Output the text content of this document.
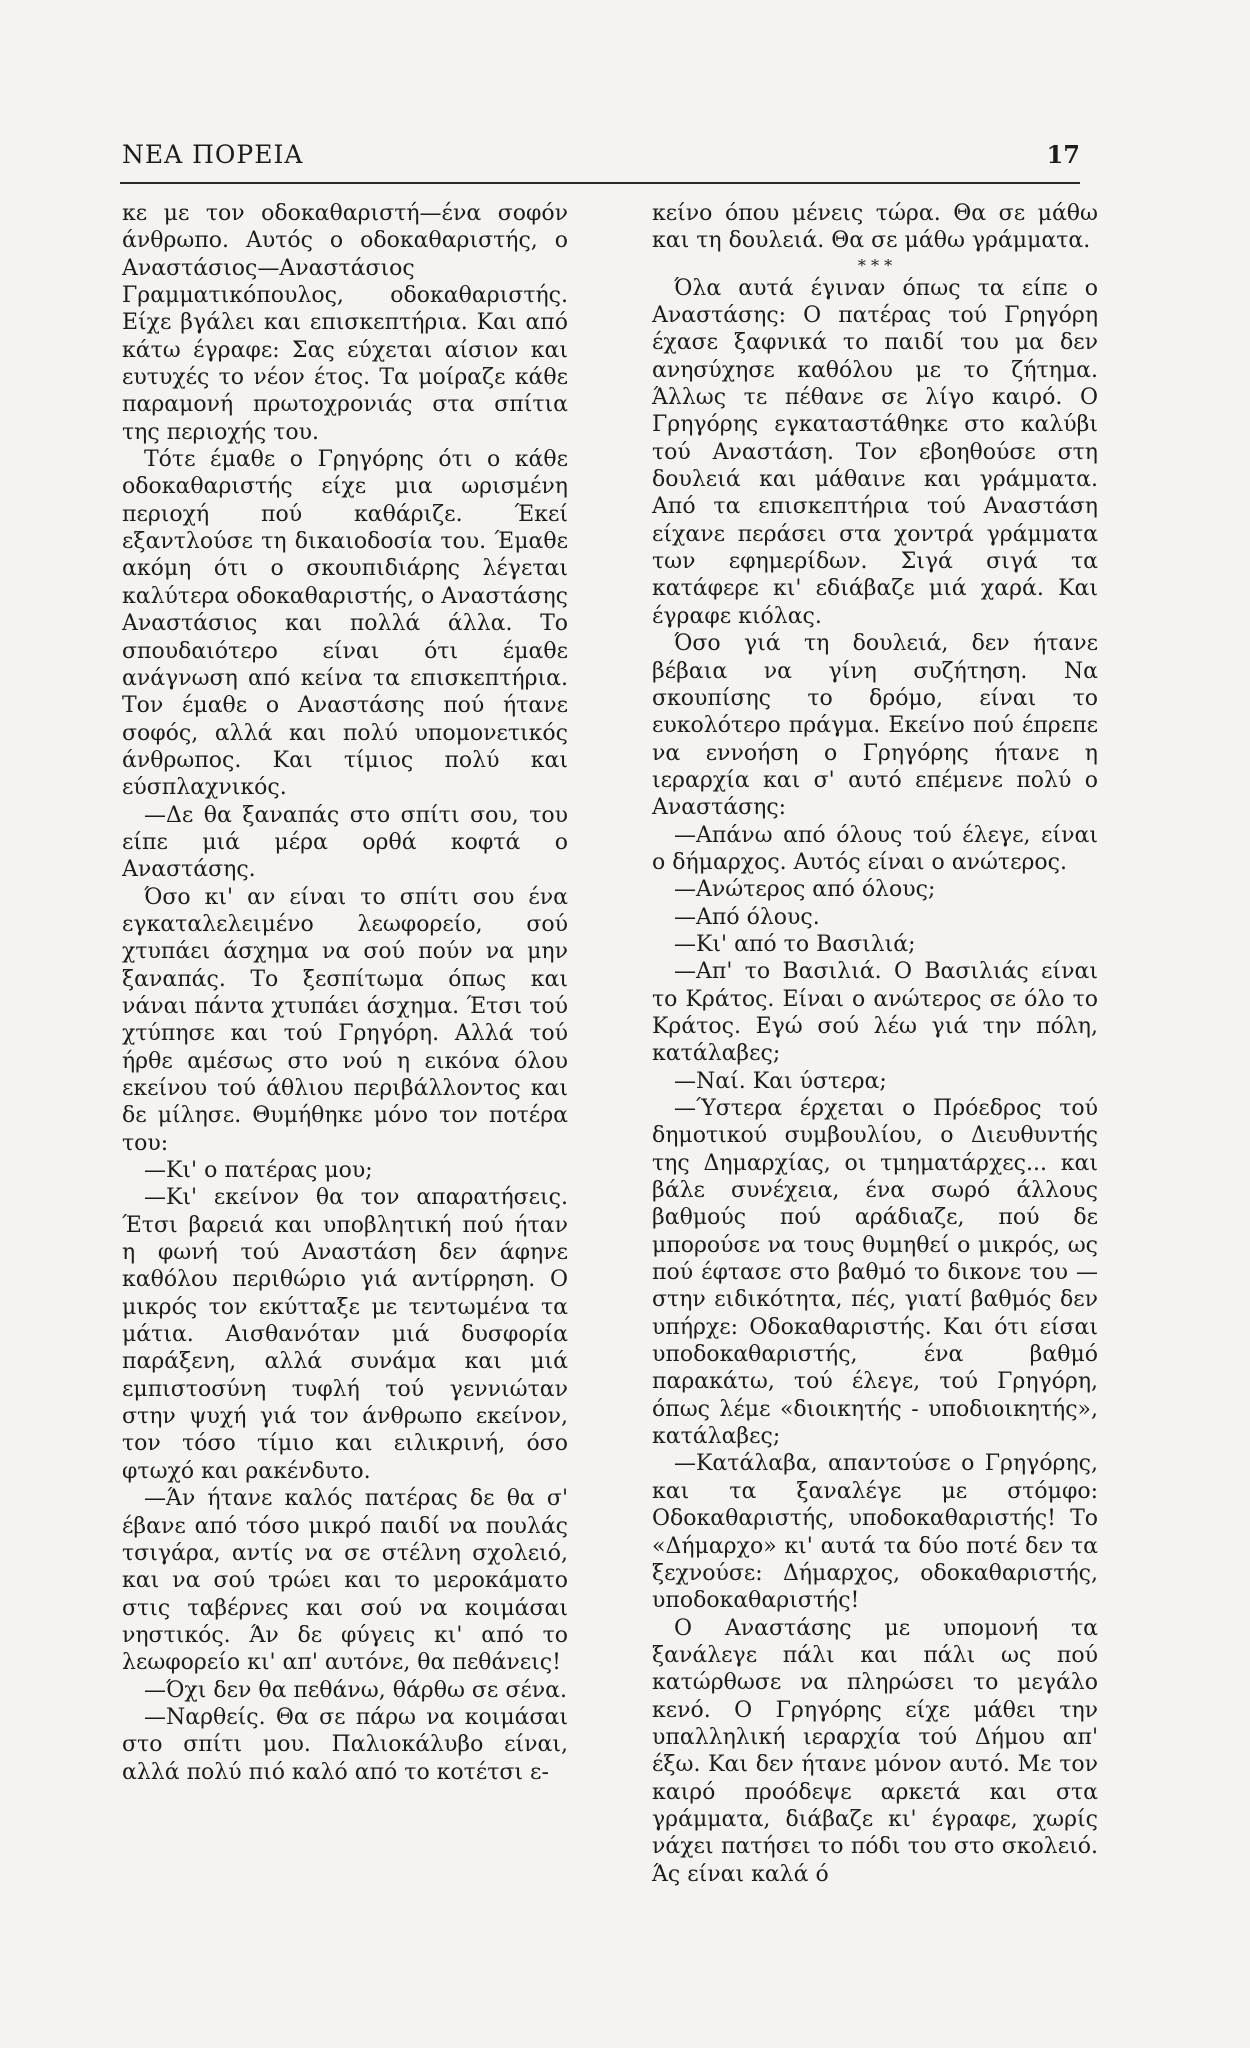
ΝΕΑ ΠΟΡΕΙΑ	17

κε με τον οδοκαθαριστή—ένα σοφόν άνθρωπο. Αυτός ο οδοκαθαριστής, ο Αναστάσιος—Αναστάσιος Γραμματικόπουλος, οδοκαθαριστής. Είχε βγάλει και επισκεπτήρια. Και από κάτω έγραφε: Σας εύχεται αίσιον και ευτυχές το νέον έτος. Τα μοίραζε κάθε παραμονή πρωτοχρονιάς στα σπίτια της περιοχής του.

Τότε έμαθε ο Γρηγόρης ότι ο κάθε οδοκαθαριστής είχε μια ωρισμένη περιοχή πού καθάριζε. Έκεί εξαντλούσε τη δικαιοδοσία του. Έμαθε ακόμη ότι ο σκουπιδιάρης λέγεται καλύτερα οδοκαθαριστής, ο Αναστάσης Αναστάσιος και πολλά άλλα. Το σπουδαιότερο είναι ότι έμαθε ανάγνωση από κείνα τα επισκεπτήρια. Τον έμαθε ο Αναστάσης πού ήτανε σοφός, αλλά και πολύ υπομονετικός άνθρωπος. Και τίμιος πολύ και εύσπλαχνικός.

—Δε θα ξαναπάς στο σπίτι σου, του είπε μιά μέρα ορθά κοφτά ο Αναστάσης.

Όσο κι' αν είναι το σπίτι σου ένα εγκαταλελειμένο λεωφορείο, σού χτυπάει άσχημα να σού πούν να μην ξαναπάς. Το ξεσπίτωμα όπως και νάναι πάντα χτυπάει άσχημα. Έτσι τού χτύπησε και τού Γρηγόρη. Αλλά τού ήρθε αμέσως στο νού η εικόνα όλου εκείνου τού άθλιου περιβάλλοντος και δε μίλησε. Θυμήθηκε μόνο τον ποτέρα του:

—Κι' ο πατέρας μου;

—Κι' εκείνον θα τον απαρατήσεις. Έτσι βαρειά και υποβλητική πού ήταν η φωνή τού Αναστάση δεν άφηνε καθόλου περιθώριο γιά αντίρρηση. Ο μικρός τον εκύτταξε με τεντωμένα τα μάτια. Αισθανόταν μιά δυσφορία παράξενη, αλλά συνάμα και μιά εμπιστοσύνη τυφλή τού γεννιώταν στην ψυχή γιά τον άνθρωπο εκείνον, τον τόσο τίμιο και ειλικρινή, όσο φτωχό και ρακένδυτο.

—Άν ήτανε καλός πατέρας δε θα σ' έβανε από τόσο μικρό παιδί να πουλάς τσιγάρα, αντίς να σε στέλνη σχολειό, και να σού τρώει και το μεροκάματο στις ταβέρνες και σού να κοιμάσαι νηστικός. Άν δε φύγεις κι' από το λεωφορείο κι' απ' αυτόνε, θα πεθάνεις!

—Όχι δεν θα πεθάνω, θάρθω σε σένα.

—Ναρθείς. Θα σε πάρω να κοιμάσαι στο σπίτι μου. Παλιοκάλυβο είναι, αλλά πολύ πιό καλό από το κοτέτσι ε-

κείνο όπου μένεις τώρα. Θα σε μάθω και τη δουλειά. Θα σε μάθω γράμματα.

* * *

Όλα αυτά έγιναν όπως τα είπε ο Αναστάσης: Ο πατέρας τού Γρηγόρη έχασε ξαφνικά το παιδί του μα δεν ανησύχησε καθόλου με το ζήτημα. Άλλως τε πέθανε σε λίγο καιρό. Ο Γρηγόρης εγκαταστάθηκε στο καλύβι τού Αναστάση. Τον εβοηθούσε στη δουλειά και μάθαινε και γράμματα. Από τα επισκεπτήρια τού Αναστάση είχανε περάσει στα χοντρά γράμματα των εφημερίδων. Σιγά σιγά τα κατάφερε κι' εδιάβαζε μιά χαρά. Και έγραφε κιόλας.

Όσο γιά τη δουλειά, δεν ήτανε βέβαια να γίνη συζήτηση. Να σκουπίσης το δρόμο, είναι το ευκολότερο πράγμα. Εκείνο πού έπρεπε να εννοήση ο Γρηγόρης ήτανε η ιεραρχία και σ' αυτό επέμενε πολύ ο Αναστάσης:

—Απάνω από όλους τού έλεγε, είναι ο δήμαρχος. Αυτός είναι ο ανώτερος.

—Ανώτερος από όλους;

—Από όλους.

—Κι' από το Βασιλιά;

—Απ' το Βασιλιά. Ο Βασιλιάς είναι το Κράτος. Είναι ο ανώτερος σε όλο το Κράτος. Εγώ σού λέω γιά την πόλη, κατάλαβες;

—Ναί. Και ύστερα;

—Ύστερα έρχεται ο Πρόεδρος τού δημοτικού συμβουλίου, ο Διευθυντής της Δημαρχίας, οι τμηματάρχες... και βάλε συνέχεια, ένα σωρό άλλους βαθμούς πού αράδιαζε, πού δε μπορούσε να τους θυμηθεί ο μικρός, ως πού έφτασε στο βαθμό το δικονε του — στην ειδικότητα, πές, γιατί βαθμός δεν υπήρχε: Οδοκαθαριστής. Και ότι είσαι υποδοκαθαριστής, ένα βαθμό παρακάτω, τού έλεγε, τού Γρηγόρη, όπως λέμε «διοικητής - υποδιοικητής», κατάλαβες;

—Κατάλαβα, απαντούσε ο Γρηγόρης, και τα ξαναλέγε με στόμφο: Οδοκαθαριστής, υποδοκαθαριστής! Το «Δήμαρχο» κι' αυτά τα δύο ποτέ δεν τα ξεχνούσε: Δήμαρχος, οδοκαθαριστής, υποδοκαθαριστής!

Ο Αναστάσης με υπομονή τα ξανάλεγε πάλι και πάλι ως πού κατώρθωσε να πληρώσει το μεγάλο κενό. Ο Γρηγόρης είχε μάθει την υπαλληλική ιεραρχία τού Δήμου απ' έξω. Και δεν ήτανε μόνον αυτό. Με τον καιρό προόδεψε αρκετά και στα γράμματα, διάβαζε κι' έγραφε, χωρίς νάχει πατήσει το πόδι του στο σκολειό. Άς είναι καλά ό
